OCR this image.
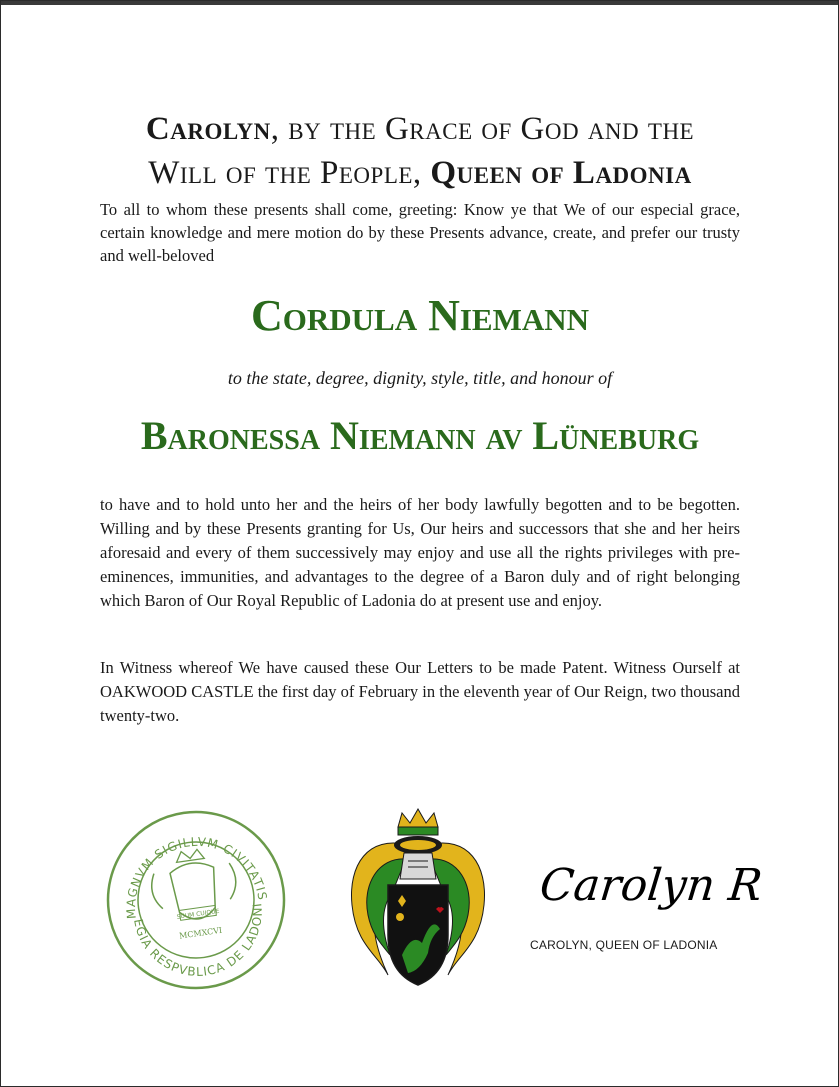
Carolyn, by the Grace of God and the
Will of the People, Queen of Ladonia
To all to whom these presents shall come, greeting: Know ye that We of our especial grace, certain knowledge and mere motion do by these Presents advance, create, and prefer our trusty and well-beloved
Cordula Niemann
to the state, degree, dignity, style, title, and honour of
Baronessa Niemann av Lüneburg
to have and to hold unto her and the heirs of her body lawfully begotten and to be begotten. Willing and by these Presents granting for Us, Our heirs and successors that she and her heirs aforesaid and every of them successively may enjoy and use all the rights privileges with pre-eminences, immunities, and advantages to the degree of a Baron duly and of right belonging which Baron of Our Royal Republic of Ladonia do at present use and enjoy.
In Witness whereof We have caused these Our Letters to be made Patent. Witness Ourself at OAKWOOD CASTLE the first day of February in the eleventh year of Our Reign, two thousand twenty-two.
MAGNVM SIGILLVM CIVITATIS
REGIA RESPVBLICA DE LADONIA
SUUM CUIQUE
MCMXCVI
Carolyn R
CAROLYN, QUEEN OF LADONIA
